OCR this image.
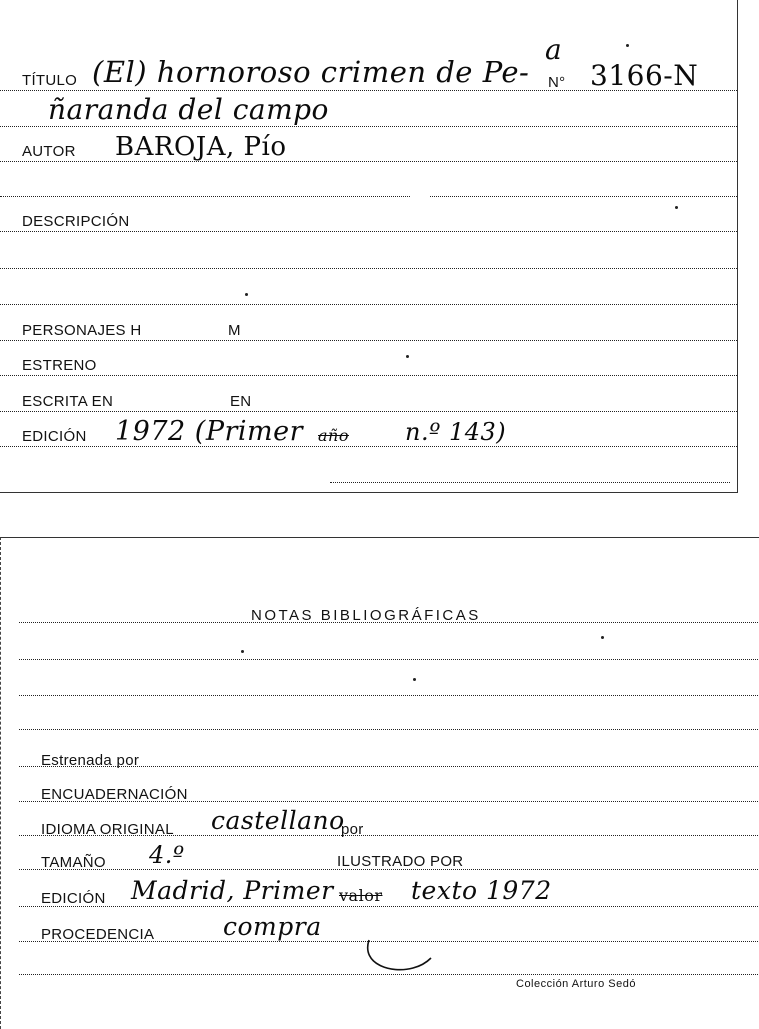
TÍTULO (El) hornoroso crimen de Pe-
a
N° 3166-N
ñaranda del campo
AUTOR BAROJA, Pío
DESCRIPCIÓN
PERSONAJES H	M
ESTRENO
ESCRITA EN	EN
EDICIÓN 1972 (Primer año n.º 143)
NOTAS BIBLIOGRÁFICAS
Estrenada por
ENCUADERNACIÓN
IDIOMA ORIGINAL castellano
por
TAMAÑO 4.º	ILUSTRADO POR
EDICIÓN Madrid, Primer valor texto 1972
PROCEDENCIA	compra
Colección Arturo Sedó
